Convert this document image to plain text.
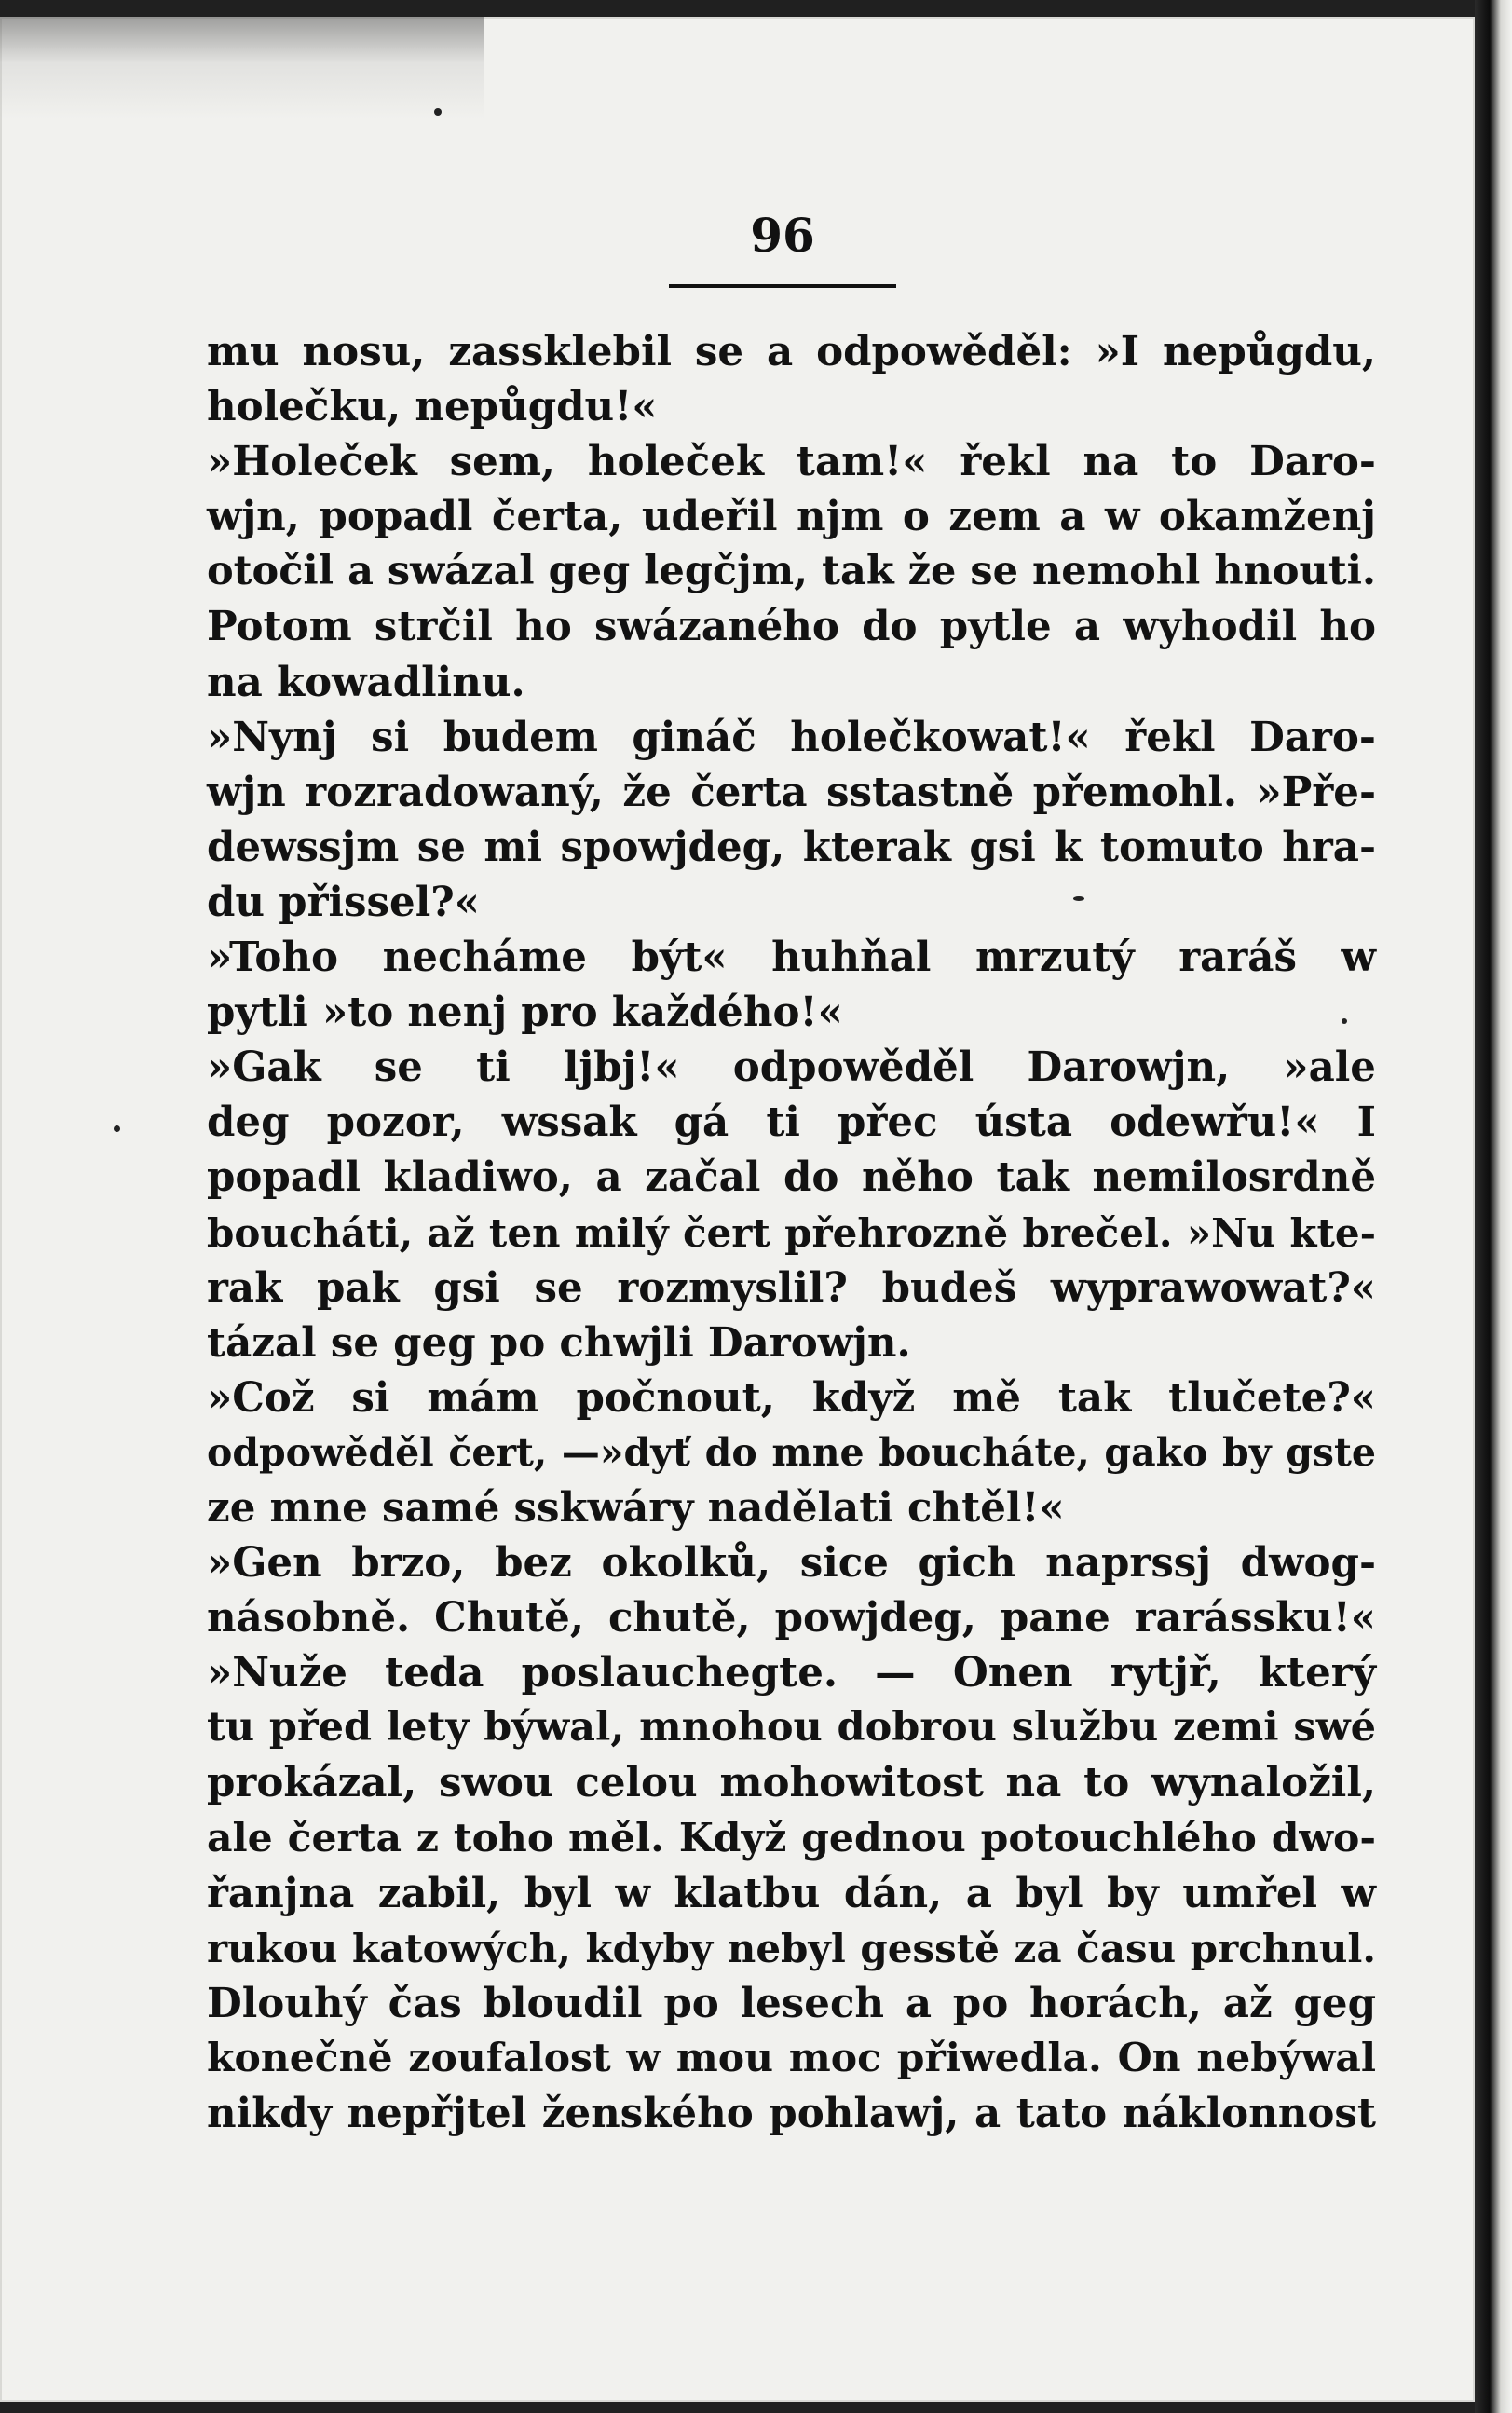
96
mu nosu, zassklebil se a odpowěděl: »I nepůgdu,
holečku, nepůgdu!«
»Holeček sem, holeček tam!« řekl na to Daro-
wjn, popadl čerta, udeřil njm o zem a w okamženj
otočil a swázal geg legčjm, tak že se nemohl hnouti.
Potom strčil ho swázaného do pytle a wyhodil ho
na kowadlinu.
»Nynj si budem gináč holečkowat!« řekl Daro-
wjn rozradowaný, že čerta sstastně přemohl. »Pře-
dewssjm se mi spowjdeg, kterak gsi k tomuto hra-
du přissel?«
»Toho necháme být« huhňal mrzutý raráš w
pytli »to nenj pro každého!«
»Gak se ti ljbj!« odpowěděl Darowjn, »ale
deg pozor, wssak gá ti přec ústa odewřu!« I
popadl kladiwo, a začal do něho tak nemilosrdně
boucháti, až ten milý čert přehrozně brečel. »Nu kte-
rak pak gsi se rozmyslil? budeš wyprawowat?«
tázal se geg po chwjli Darowjn.
»Což si mám počnout, když mě tak tlučete?«
odpowěděl čert, —»dyť do mne boucháte, gako by gste
ze mne samé sskwáry nadělati chtěl!«
»Gen brzo, bez okolků, sice gich naprssj dwog-
násobně. Chutě, chutě, powjdeg, pane rarássku!«
»Nuže teda poslauchegte. — Onen rytjř, který
tu před lety býwal, mnohou dobrou službu zemi swé
prokázal, swou celou mohowitost na to wynaložil,
ale čerta z toho měl. Když gednou potouchlého dwo-
řanjna zabil, byl w klatbu dán, a byl by umřel w
rukou katowých, kdyby nebyl gesstě za času prchnul.
Dlouhý čas bloudil po lesech a po horách, až geg
konečně zoufalost w mou moc přiwedla. On nebýwal
nikdy nepřjtel ženského pohlawj, a tato náklonnost
